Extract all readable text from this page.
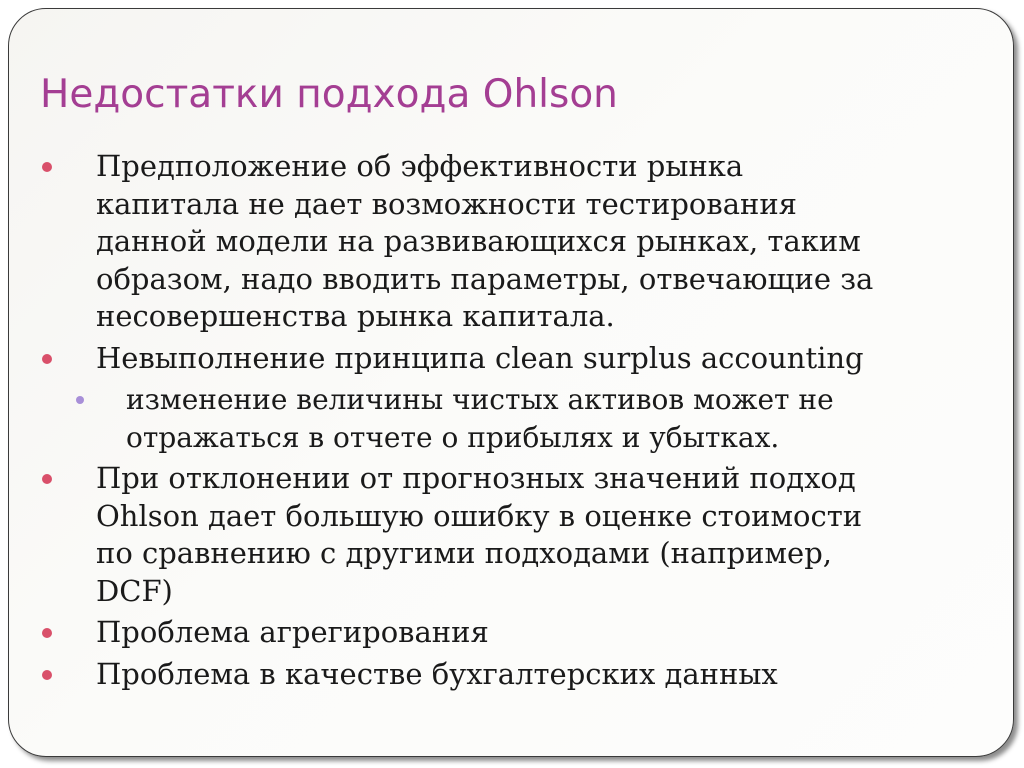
Недостатки подхода Ohlson
Предположение об эффективности рынка
капитала не дает возможности тестирования
данной модели на развивающихся рынках, таким
образом, надо вводить параметры, отвечающие за
несовершенства рынка капитала.
Невыполнение принципа clean surplus accounting
изменение величины чистых активов может не
отражаться в отчете о прибылях и убытках.
При отклонении от прогнозных значений подход
Ohlson дает большую ошибку в оценке стоимости
по сравнению с другими подходами (например,
DCF)
Проблема агрегирования
Проблема в качестве бухгалтерских данных
